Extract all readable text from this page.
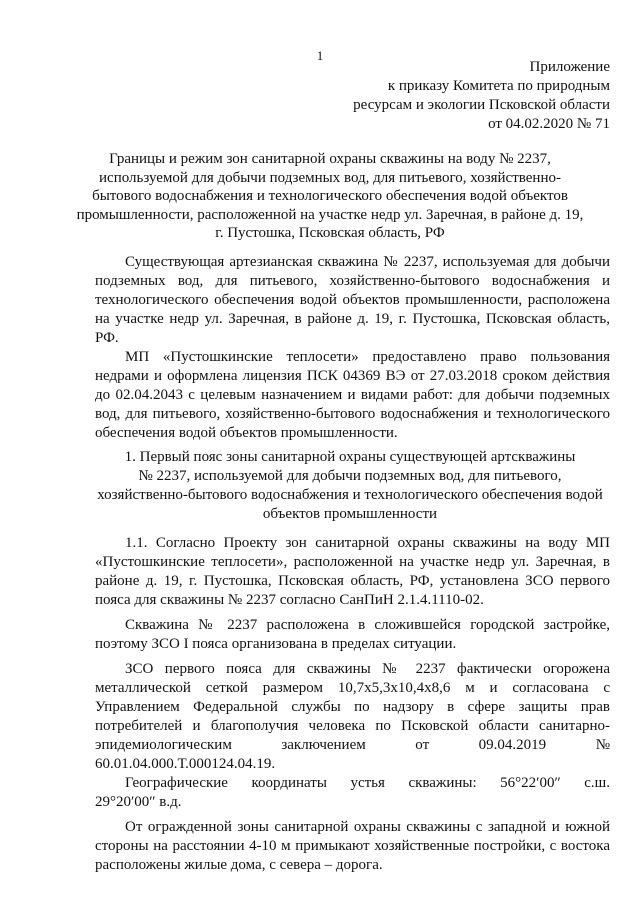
1
Приложение
к приказу Комитета по природным
ресурсам и экологии Псковской области
от 04.02.2020 № 71
Границы и режим зон санитарной охраны скважины на воду № 2237,
используемой для добычи подземных вод, для питьевого, хозяйственно-
бытового водоснабжения и технологического обеспечения водой объектов
промышленности, расположенной на участке недр ул. Заречная, в районе д. 19,
г. Пустошка, Псковская область, РФ

Существующая артезианская скважина № 2237, используемая для добычи подземных вод, для питьевого, хозяйственно-бытового водоснабжения и технологического обеспечения водой объектов промышленности, расположена на участке недр ул. Заречная, в районе д. 19, г. Пустошка, Псковская область, РФ.

МП «Пустошкинские теплосети» предоставлено право пользования недрами и оформлена лицензия ПСК 04369 ВЭ от 27.03.2018 сроком действия до 02.04.2043 с целевым назначением и видами работ: для добычи подземных вод, для питьевого, хозяйственно-бытового водоснабжения и технологического обеспечения водой объектов промышленности.

1. Первый пояс зоны санитарной охраны существующей артскважины
№ 2237, используемой для добычи подземных вод, для питьевого,
хозяйственно-бытового водоснабжения и технологического обеспечения водой
объектов промышленности

1.1. Согласно Проекту зон санитарной охраны скважины на воду МП «Пустошкинские теплосети», расположенной на участке недр ул. Заречная, в районе д. 19, г. Пустошка, Псковская область, РФ, установлена ЗСО первого пояса для скважины № 2237 согласно СанПиН 2.1.4.1110-02.

Скважина № 2237 расположена в сложившейся городской застройке, поэтому ЗСО I пояса организована в пределах ситуации.

ЗСО первого пояса для скважины № 2237 фактически огорожена металлической сеткой размером 10,7х5,3х10,4х8,6 м и согласована с Управлением Федеральной службы по надзору в сфере защиты прав потребителей и благополучия человека по Псковской области санитарно-эпидемиологическим заключением от 09.04.2019 № 60.01.04.000.Т.000124.04.19.

Географические координаты устья скважины: 56°22′00″ с.ш.

29°20′00″ в.д.

От огражденной зоны санитарной охраны скважины с западной и южной стороны на расстоянии 4-10 м примыкают хозяйственные постройки, с востока расположены жилые дома, с севера – дорога.
